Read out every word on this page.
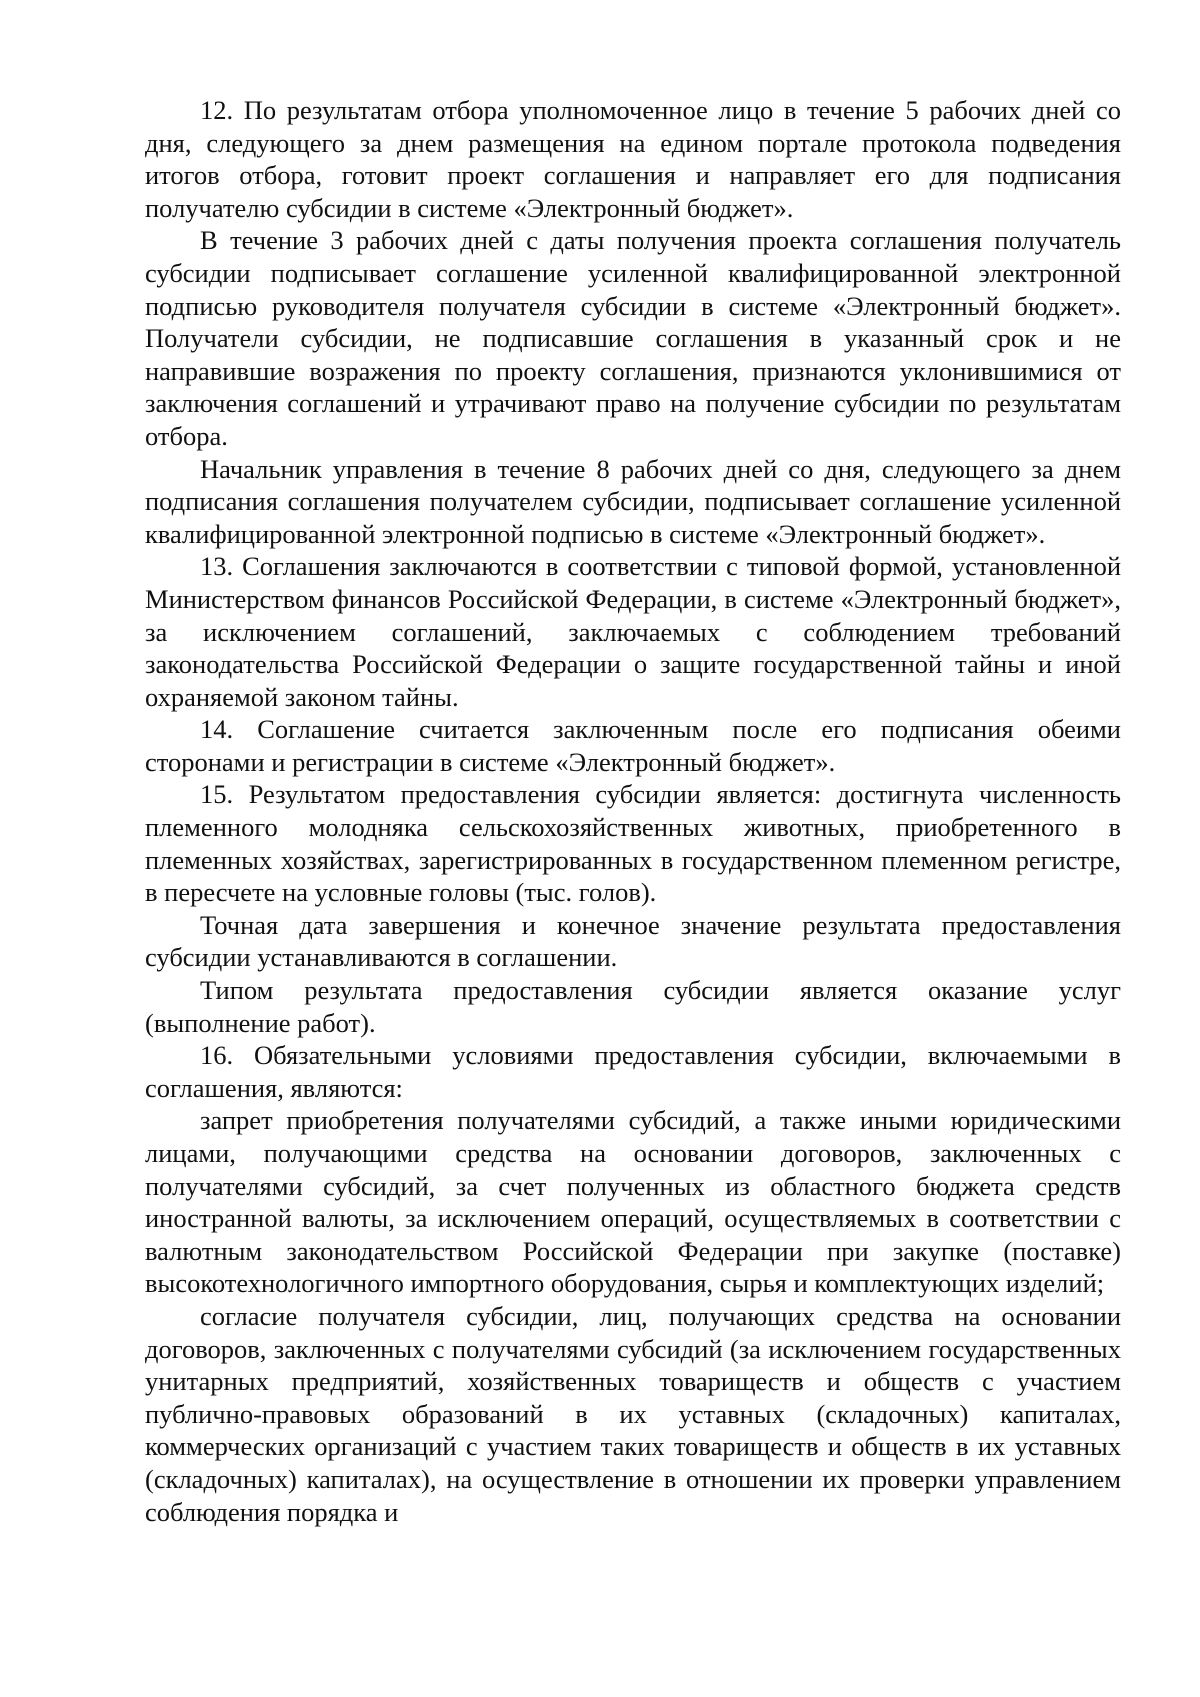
12. По результатам отбора уполномоченное лицо в течение 5 рабочих дней со дня, следующего за днем размещения на едином портале протокола подведения итогов отбора, готовит проект соглашения и направляет его для подписания получателю субсидии в системе «Электронный бюджет».

В течение 3 рабочих дней с даты получения проекта соглашения получатель субсидии подписывает соглашение усиленной квалифицированной электронной подписью руководителя получателя субсидии в системе «Электронный бюджет». Получатели субсидии, не подписавшие соглашения в указанный срок и не направившие возражения по проекту соглашения, признаются уклонившимися от заключения соглашений и утрачивают право на получение субсидии по результатам отбора.

Начальник управления в течение 8 рабочих дней со дня, следующего за днем подписания соглашения получателем субсидии, подписывает соглашение усиленной квалифицированной электронной подписью в системе «Электронный бюджет».

13. Соглашения заключаются в соответствии с типовой формой, установленной Министерством финансов Российской Федерации, в системе «Электронный бюджет», за исключением соглашений, заключаемых с соблюдением требований законодательства Российской Федерации о защите государственной тайны и иной охраняемой законом тайны.

14. Соглашение считается заключенным после его подписания обеими сторонами и регистрации в системе «Электронный бюджет».

15. Результатом предоставления субсидии является: достигнута численность племенного молодняка сельскохозяйственных животных, приобретенного в племенных хозяйствах, зарегистрированных в государственном племенном регистре, в пересчете на условные головы (тыс. голов).

Точная дата завершения и конечное значение результата предоставления субсидии устанавливаются в соглашении.

Типом результата предоставления субсидии является оказание услуг (выполнение работ).

16. Обязательными условиями предоставления субсидии, включаемыми в соглашения, являются:

запрет приобретения получателями субсидий, а также иными юридическими лицами, получающими средства на основании договоров, заключенных с получателями субсидий, за счет полученных из областного бюджета средств иностранной валюты, за исключением операций, осуществляемых в соответствии с валютным законодательством Российской Федерации при закупке (поставке) высокотехнологичного импортного оборудования, сырья и комплектующих изделий;

согласие получателя субсидии, лиц, получающих средства на основании договоров, заключенных с получателями субсидий (за исключением государственных унитарных предприятий, хозяйственных товариществ и обществ с участием публично-правовых образований в их уставных (складочных) капиталах, коммерческих организаций с участием таких товариществ и обществ в их уставных (складочных) капиталах), на осуществление в отношении их проверки управлением соблюдения порядка и
